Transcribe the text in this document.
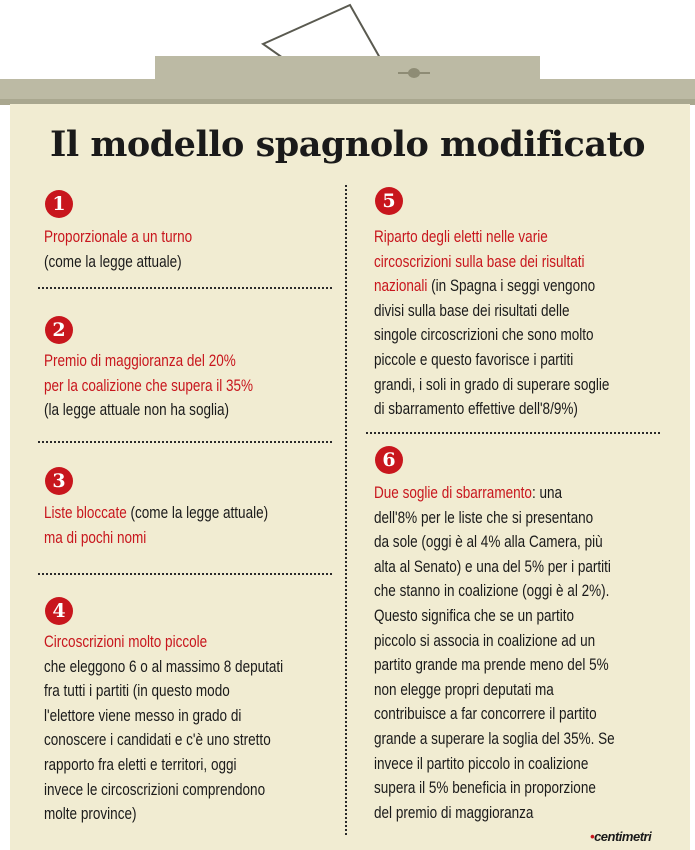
Il modello spagnolo modificato
1
Proporzionale a un turno
(come la legge attuale)
2
Premio di maggioranza del 20%
per la coalizione che supera il 35%
(la legge attuale non ha soglia)
3
Liste bloccate (come la legge attuale)
ma di pochi nomi
4
Circoscrizioni molto piccole
che eleggono 6 o al massimo 8 deputati
fra tutti i partiti (in questo modo
l'elettore viene messo in grado di
conoscere i candidati e c'è uno stretto
rapporto fra eletti e territori, oggi
invece le circoscrizioni comprendono
molte province)
5
Riparto degli eletti nelle varie
circoscrizioni sulla base dei risultati
nazionali (in Spagna i seggi vengono
divisi sulla base dei risultati delle
singole circoscrizioni che sono molto
piccole e questo favorisce i partiti
grandi, i soli in grado di superare soglie
di sbarramento effettive dell'8/9%)
6
Due soglie di sbarramento: una
dell'8% per le liste che si presentano
da sole (oggi è al 4% alla Camera, più
alta al Senato) e una del 5% per i partiti
che stanno in coalizione (oggi è al 2%).
Questo significa che se un partito
piccolo si associa in coalizione ad un
partito grande ma prende meno del 5%
non elegge propri deputati ma
contribuisce a far concorrere il partito
grande a superare la soglia del 35%. Se
invece il partito piccolo in coalizione
supera il 5% beneficia in proporzione
del premio di maggioranza
•centimetri
